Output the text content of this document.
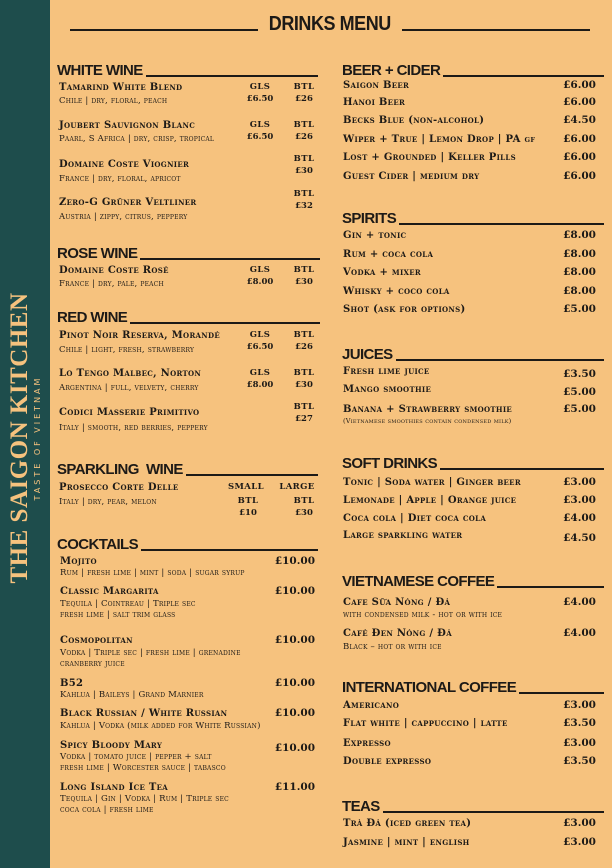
THE SAIGON KITCHEN TASTE OF VIETNAM
DRINKS MENU
WHITE WINE
Tamarind White Blend
Chile | dry, floral, peach
GLS
£6.50
BTL
£26
Joubert Sauvignon Blanc
Paarl, S Africa | dry, crisp, tropical
GLS
£6.50
BTL
£26
Domaine Coste Viognier
France | dry, floral, apricot
BTL
£30
Zero-G Grüner Veltliner
Austria | zippy, citrus, peppery
BTL
£32
ROSE WINE
Domaine Coste Rosé
France | dry, pale, peach
GLS
£8.00
BTL
£30
RED WINE
Pinot Noir Reserva, Morandé
Chile | light, fresh, strawberry
GLS
£6.50
BTL
£26
Lo Tengo Malbec, Norton
Argentina | full, velvety, cherry
GLS
£8.00
BTL
£30
Codici Masserie Primitivo
Italy | smooth, red berries, peppery
BTL
£27
SPARKLING  WINE
Prosecco Corte Delle
Italy | dry, pear, melon
SMALL
BTL
£10
LARGE
BTL
£30
COCKTAILS
Mojito
Rum | fresh lime | mint | soda | sugar syrup
£10.00
Classic Margarita
Tequila | Cointreau | Triple sec
fresh lime | salt trim glass
£10.00
Cosmopolitan
Vodka | Triple sec | fresh lime | grenadine
cranberry juice
£10.00
B52
Kahlua | Baileys | Grand Marnier
£10.00
Black Russian / White Russian
Kahlua | Vodka (milk added for White Russian)
£10.00
Spicy Bloody Mary
Vodka | tomato juice | pepper + salt
fresh lime | Worcester sauce | tabasco
£10.00
Long Island Ice Tea
Tequila | Gin | Vodka | Rum | Triple sec
coca cola | fresh lime
£11.00
BEER + CIDER
Saigon Beer	£6.00
Hanoi Beer	£6.00
Becks Blue (non-alcohol)	£4.50
Wiper + True | Lemon Drop | PA GF	£6.00
Lost + Grounded | Keller Pills	£6.00
Guest Cider | medium dry	£6.00
SPIRITS
Gin + tonic	£8.00
Rum + coca cola	£8.00
Vodka + mixer	£8.00
Whisky + coco cola	£8.00
Shot (ask for options)	£5.00
JUICES
Fresh lime juice	£3.50
Mango smoothie	£5.00
Banana + Strawberry smoothie	£5.00
(Vietnamese smoothies contain condensed milk)
SOFT DRINKS
Tonic | Soda water | Ginger beer	£3.00
Lemonade | Apple | Orange juice	£3.00
Coca cola | Diet coca cola	£4.00
Large sparkling water	£4.50
VIETNAMESE COFFEE
Cafe Sữa Nóng / Đá
with condensed milk - hot or with ice
£4.00
Café Đen Nóng / Đá
Black – hot or with ice
£4.00
INTERNATIONAL COFFEE
Americano	£3.00
Flat white | cappuccino | latte	£3.50
Expresso	£3.00
Double expresso	£3.50
TEAS
Trà Đá (iced green tea)	£3.00
Jasmine | mint | english	£3.00
